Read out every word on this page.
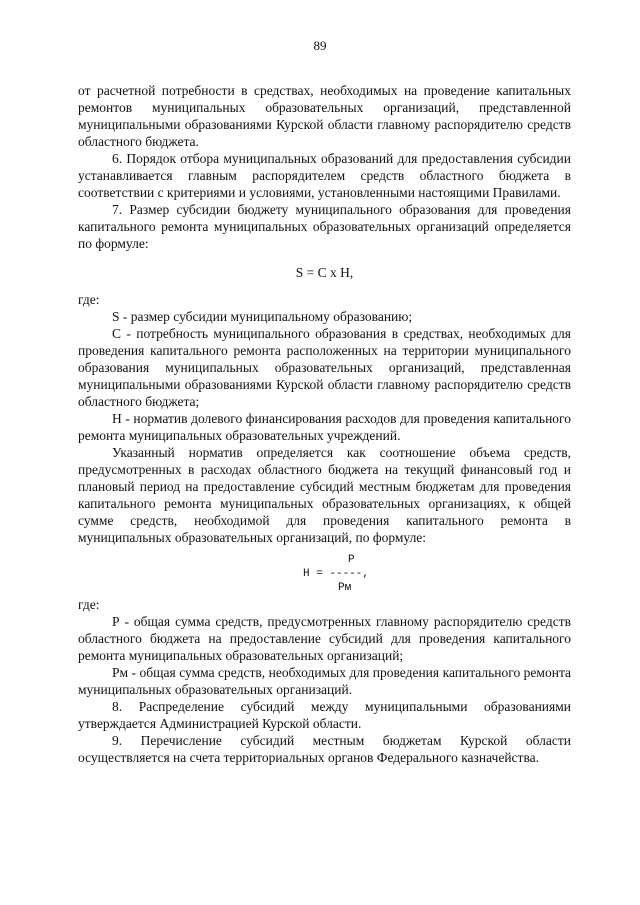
89

от расчетной потребности в средствах, необходимых на проведение капитальных ремонтов муниципальных образовательных организаций, представленной муниципальными образованиями Курской области главному распорядителю средств областного бюджета.

6. Порядок отбора муниципальных образований для предоставления субсидии устанавливается главным распорядителем средств областного бюджета в соответствии с критериями и условиями, установленными настоящими Правилами.

7. Размер субсидии бюджету муниципального образования для проведения капитального ремонта муниципальных образовательных организаций определяется по формуле:

S = C x H,

где:

S - размер субсидии муниципальному образованию;

С - потребность муниципального образования в средствах, необходимых для проведения капитального ремонта расположенных на территории муниципального образования муниципальных образовательных организаций, представленная муниципальными образованиями Курской области главному распорядителю средств областного бюджета;

Н - норматив долевого финансирования расходов для проведения капитального ремонта муниципальных образовательных учреждений.

Указанный норматив определяется как соотношение объема средств, предусмотренных в расходах областного бюджета на текущий финансовый год и плановый период на предоставление субсидий местным бюджетам для проведения капитального ремонта муниципальных образовательных организациях, к общей сумме средств, необходимой для проведения капитального ремонта в муниципальных образовательных организаций, по формуле:

P
Н = -----,
Рм

где:

Р - общая сумма средств, предусмотренных главному распорядителю средств областного бюджета на предоставление субсидий для проведения капитального ремонта муниципальных образовательных организаций;

Рм - общая сумма средств, необходимых для проведения капитального ремонта муниципальных образовательных организаций.

8. Распределение субсидий между муниципальными образованиями утверждается Администрацией Курской области.

9. Перечисление субсидий местным бюджетам Курской области осуществляется на счета территориальных органов Федерального казначейства.
